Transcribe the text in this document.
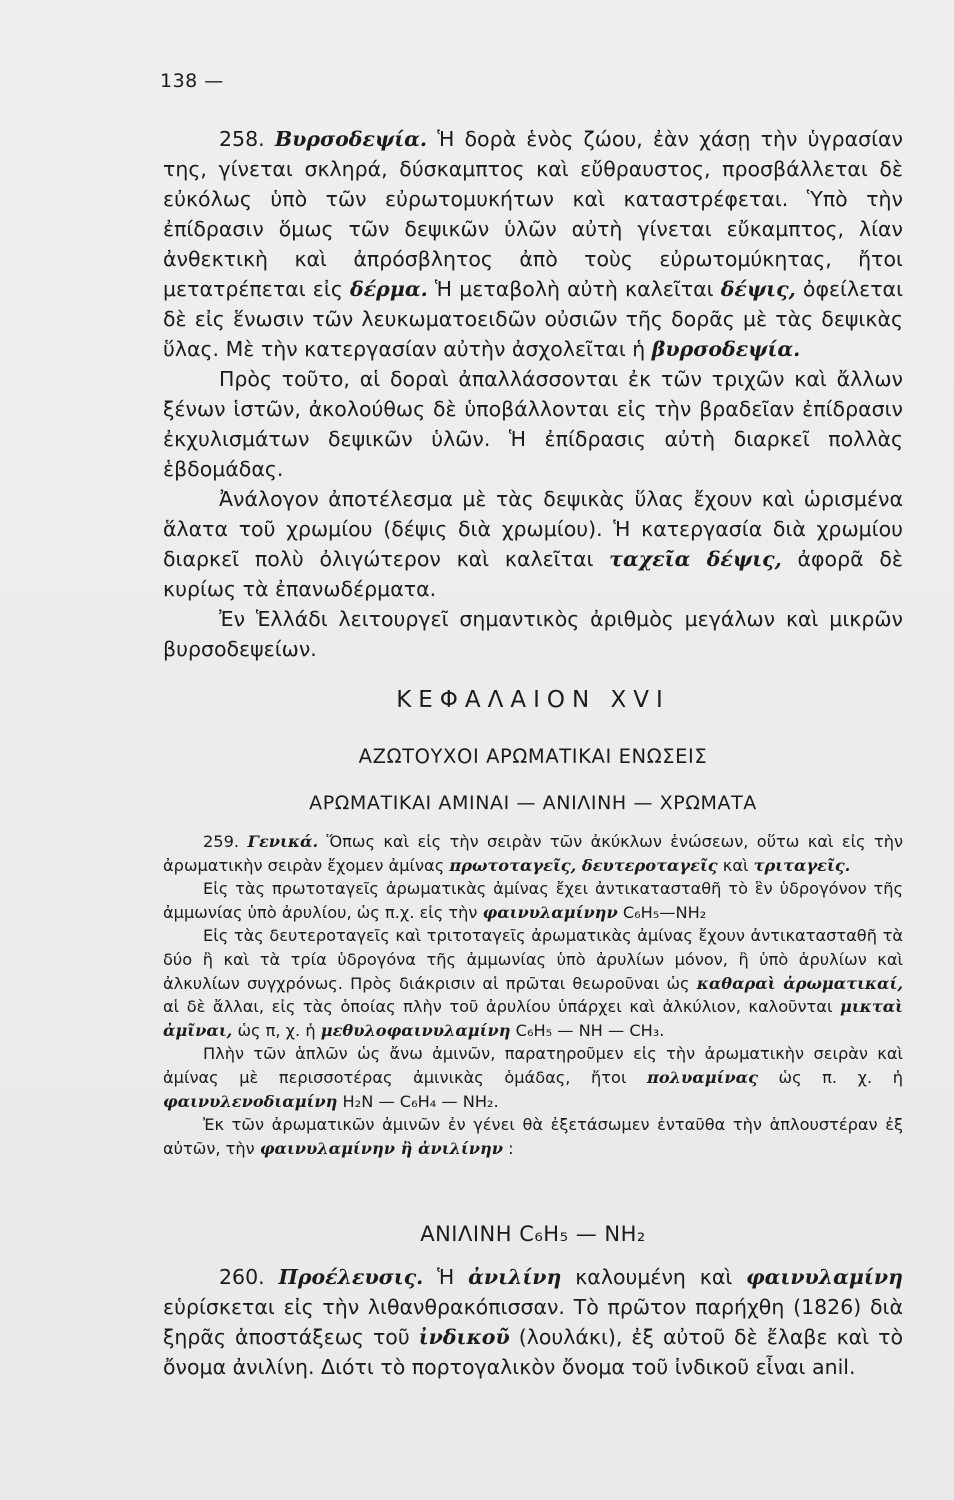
138 —

258. Βυρσοδεψία. Ἡ δορὰ ἑνὸς ζώου, ἐὰν χάσῃ τὴν ὑγρασίαν της, γίνεται σκληρά, δύσκαμπτος καὶ εὔθραυστος, προσβάλλεται δὲ εὐκόλως ὑπὸ τῶν εὐρωτομυκήτων καὶ καταστρέφεται. Ὑπὸ τὴν ἐπίδρασιν ὅμως τῶν δεψικῶν ὑλῶν αὐτὴ γίνεται εὔκαμπτος, λίαν ἀνθεκτικὴ καὶ ἀπρόσβλητος ἀπὸ τοὺς εὐρωτομύκητας, ἤτοι μετατρέπεται εἰς δέρμα. Ἡ μεταβολὴ αὐτὴ καλεῖται δέψις, ὀφείλεται δὲ εἰς ἕνωσιν τῶν λευκωματοειδῶν οὐσιῶν τῆς δορᾶς μὲ τὰς δεψικὰς ὕλας. Μὲ τὴν κατεργασίαν αὐτὴν ἀσχολεῖται ἡ βυρσοδεψία.

Πρὸς τοῦτο, αἱ δοραὶ ἀπαλλάσσονται ἐκ τῶν τριχῶν καὶ ἄλλων ξένων ἱστῶν, ἀκολούθως δὲ ὑποβάλλονται εἰς τὴν βραδεῖαν ἐπίδρασιν ἐκχυλισμάτων δεψικῶν ὑλῶν. Ἡ ἐπίδρασις αὐτὴ διαρκεῖ πολλὰς ἑβδομάδας.

Ἀνάλογον ἀποτέλεσμα μὲ τὰς δεψικὰς ὕλας ἔχουν καὶ ὡρισμένα ἅλατα τοῦ χρωμίου (δέψις διὰ χρωμίου). Ἡ κατεργασία διὰ χρωμίου διαρκεῖ πολὺ ὀλιγώτερον καὶ καλεῖται ταχεῖα δέψις, ἀφορᾶ δὲ κυρίως τὰ ἐπανωδέρματα.

Ἐν Ἑλλάδι λειτουργεῖ σημαντικὸς ἀριθμὸς μεγάλων καὶ μικρῶν βυρσοδεψείων.

ΚΕΦΑΛΑΙΟΝ XVI
ΑΖΩΤΟΥΧΟΙ ΑΡΩΜΑΤΙΚΑΙ ΕΝΩΣΕΙΣ
ΑΡΩΜΑΤΙΚΑΙ ΑΜΙΝΑΙ — ΑΝΙΛΙΝΗ — ΧΡΩΜΑΤΑ

259. Γενικά. Ὅπως καὶ εἰς τὴν σειρὰν τῶν ἀκύκλων ἑνώσεων, οὕτω καὶ εἰς τὴν ἀρωματικὴν σειρὰν ἔχομεν ἀμίνας πρωτοταγεῖς, δευτεροταγεῖς καὶ τριταγεῖς.

Εἰς τὰς πρωτοταγεῖς ἀρωματικὰς ἀμίνας ἔχει ἀντικατασταθῆ τὸ ἓν ὑδρογόνον τῆς ἀμμωνίας ὑπὸ ἀρυλίου, ὡς π.χ. εἰς τὴν φαινυλαμίνην C₆H₅—NH₂

Εἰς τὰς δευτεροταγεῖς καὶ τριτοταγεῖς ἀρωματικὰς ἀμίνας ἔχουν ἀντικατασταθῆ τὰ δύο ἢ καὶ τὰ τρία ὑδρογόνα τῆς ἀμμωνίας ὑπὸ ἀρυλίων μόνον, ἢ ὑπὸ ἀρυλίων καὶ ἀλκυλίων συγχρόνως. Πρὸς διάκρισιν αἱ πρῶται θεωροῦναι ὡς καθαραὶ ἀρωματικαί, αἱ δὲ ἄλλαι, εἰς τὰς ὁποίας πλὴν τοῦ ἀρυλίου ὑπάρχει καὶ ἀλκύλιον, καλοῦνται μικταὶ ἀμῖναι, ὡς π, χ. ἡ μεθυλοφαινυλαμίνη C₆H₅ — NH — CH₃.

Πλὴν τῶν ἁπλῶν ὡς ἄνω ἀμινῶν, παρατηροῦμεν εἰς τὴν ἀρωματικὴν σειρὰν καὶ ἀμίνας μὲ περισσοτέρας ἀμινικὰς ὁμάδας, ἤτοι πολυαμίνας ὡς π. χ. ἡ φαινυλενοδιαμίνη H₂N — C₆H₄ — NH₂.

Ἐκ τῶν ἀρωματικῶν ἀμινῶν ἐν γένει θὰ ἐξετάσωμεν ἐνταῦθα τὴν ἁπλουστέραν ἐξ αὐτῶν, τὴν φαινυλαμίνην ἢ ἀνιλίνην :

ΑΝΙΛΙΝΗ C₆H₅ — NH₂

260. Προέλευσις. Ἡ ἀνιλίνη καλουμένη καὶ φαινυλαμίνη εὑρίσκεται εἰς τὴν λιθανθρακόπισσαν. Τὸ πρῶτον παρήχθη (1826) διὰ ξηρᾶς ἀποστάξεως τοῦ ἰνδικοῦ (λουλάκι), ἐξ αὐτοῦ δὲ ἔλαβε καὶ τὸ ὄνομα ἀνιλίνη. Διότι τὸ πορτογαλικὸν ὄνομα τοῦ ἰνδικοῦ εἶναι anil.
